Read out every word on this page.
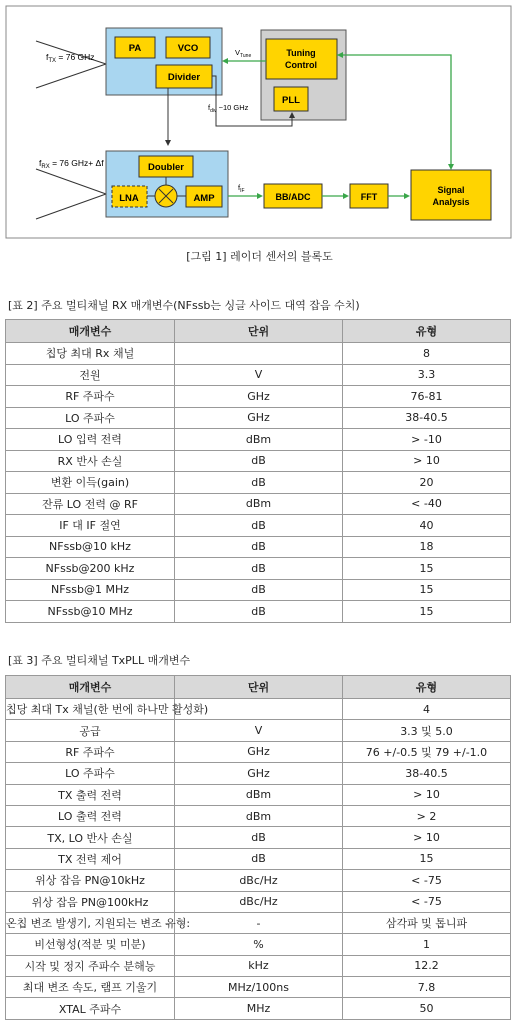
$f_{TX} = 76$ GHz
PA	VCO
Divider
Tuning
Control
PLL
$V_{Tune}$
$f_{div}$ ~10 GHz
$f_{RX} = 76$ GHz+ Δf	Doubler
LNA	AMP
$f_{IF}$
BB/ADC	FFT
Signal
Analysis
[그림 1] 레이더 센서의 블록도
[표 2] 주요 멀티채널 RX 매개변수(NFssb는 싱글 사이드 대역 잡음 수치)
매개변수	단위	유형
칩당 최대 Rx 채널		8
전원	V	3.3
RF 주파수	GHz	76-81
LO 주파수	GHz	38-40.5
LO 입력 전력	dBm	> -10
RX 반사 손실	dB	> 10
변환 이득(gain)	dB	20
잔류 LO 전력 @ RF	dBm	< -40
IF 대 IF 절연	dB	40
NFssb@10 kHz	dB	18
NFssb@200 kHz	dB	15
NFssb@1 MHz	dB	15
NFssb@10 MHz	dB	15
[표 3] 주요 멀티채널 TxPLL 매개변수
매개변수	단위	유형
칩당 최대 Tx 채널(한 번에 하나만 활성화)		4
공급	V	3.3 및 5.0
RF 주파수	GHz	76 +/-0.5 및 79 +/-1.0
LO 주파수	GHz	38-40.5
TX 출력 전력	dBm	> 10
LO 출력 전력	dBm	> 2
TX, LO 반사 손실	dB	> 10
TX 전력 제어	dB	15
위상 잡음 PN@10kHz	dBc/Hz	< -75
위상 잡음 PN@100kHz	dBc/Hz	< -75
온칩 변조 발생기, 지원되는 변조 유형:	-	삼각파 및 톱니파
비선형성(적분 및 미분)	%	1
시작 및 정지 주파수 분해능	kHz	12.2
최대 변조 속도, 램프 기울기	MHz/100ns	7.8
XTAL 주파수	MHz	50
